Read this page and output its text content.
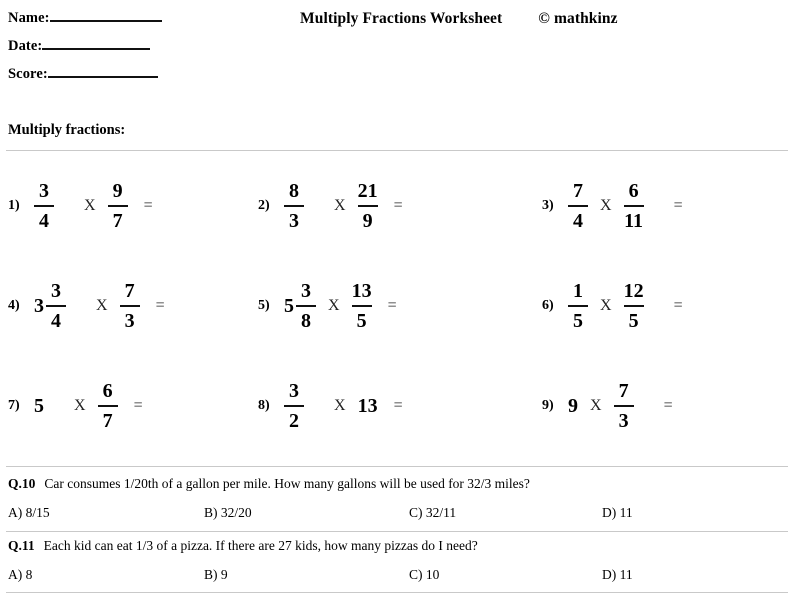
Name:
Date:
Score:
Multiply Fractions Worksheet © mathkinz
Multiply fractions:
$1) \frac{3}{4}$ X $\frac{9}{7}$ =	$2) \frac{8}{3}$ X $\frac{21}{9}$ =	$3) \frac{7}{4}$ X $\frac{6}{11}$ =
4) $3 \frac{3}{4}$ X $\frac{7}{3}$ =	5) $5 \frac{3}{8}$ X $\frac{13}{5}$ =	$6) \frac{1}{5}$ X $\frac{12}{5}$ =
7) 5 X $\frac{6}{7}$ =	$8) \frac{3}{2}$ X 13 =	9) 9 X $\frac{7}{3}$ =
Q.10 Car consumes 1/20th of a gallon per mile. How many gallons will be used for 32/3 miles?
A) 8/15	B) 32/20	C) 32/11	D) 11
Q.11 Each kid can eat 1/3 of a pizza. If there are 27 kids, how many pizzas do I need?
A) 8	B) 9	C) 10	D) 11
